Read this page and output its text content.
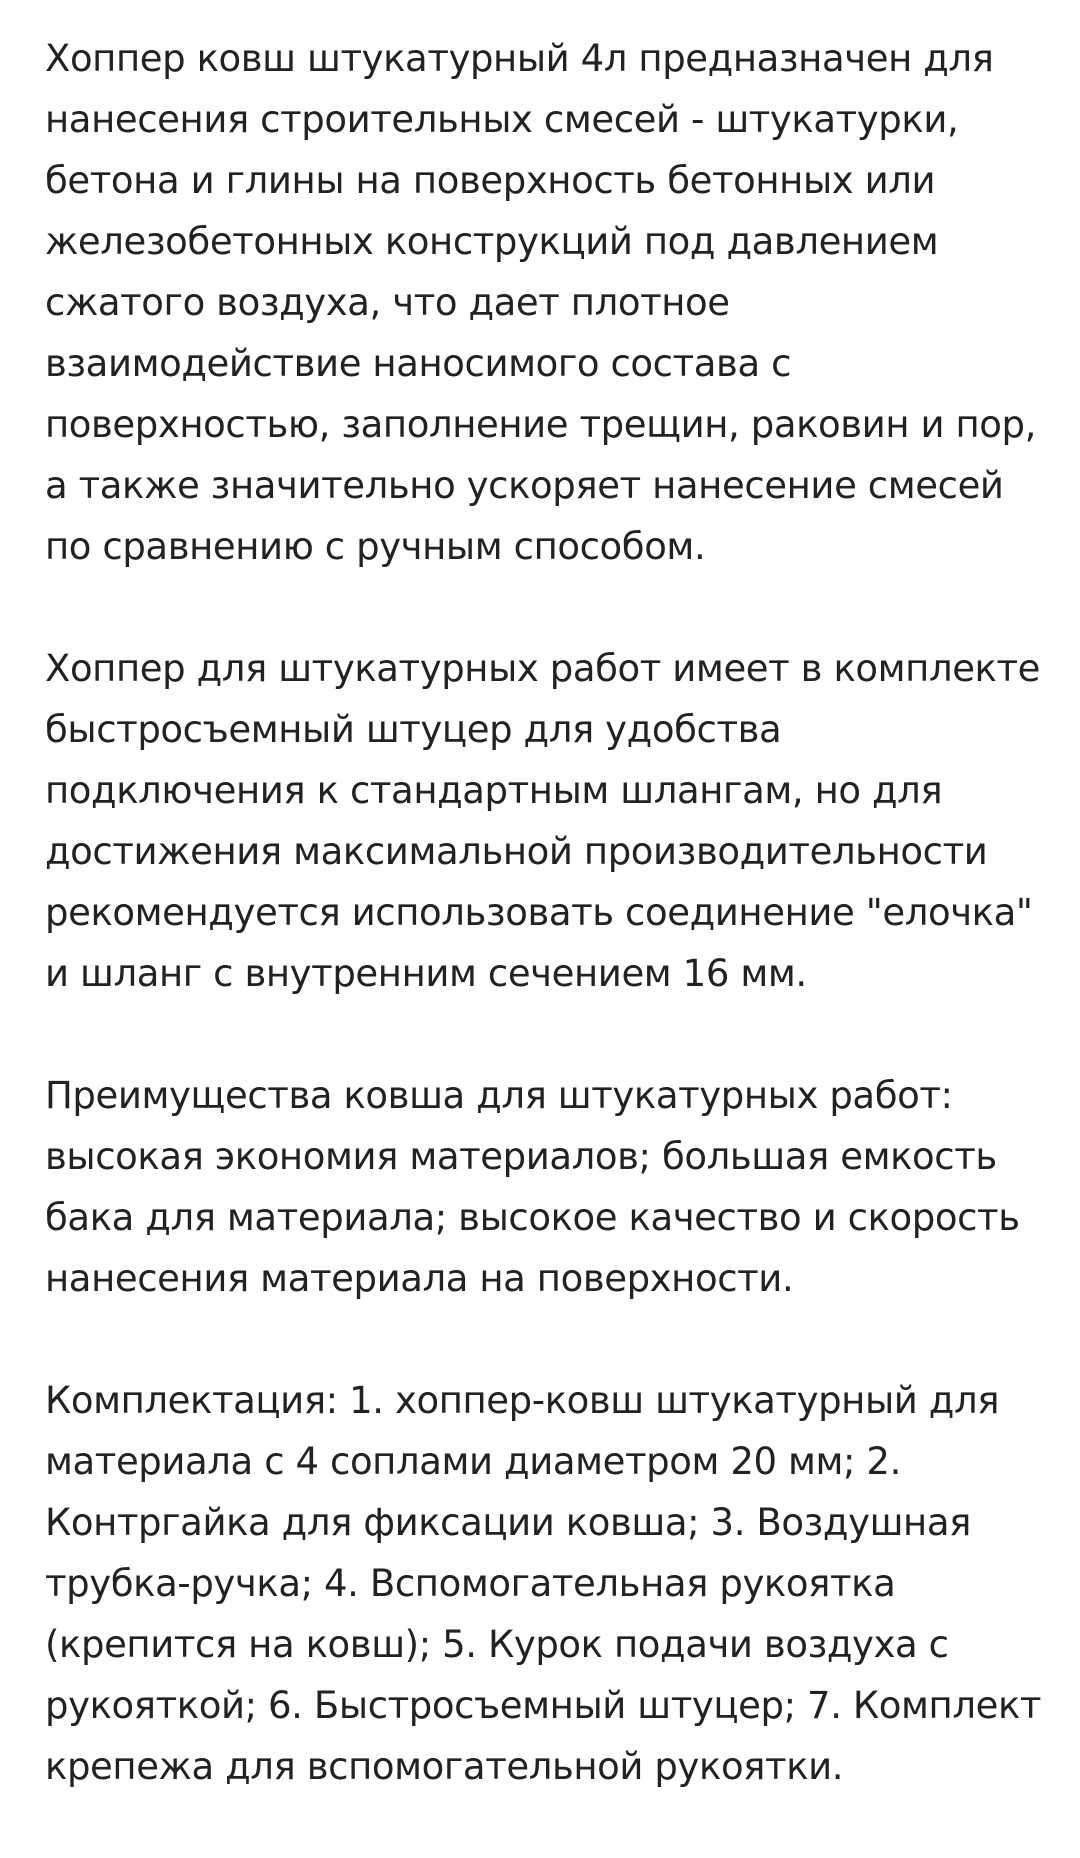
Хоппер ковш штукатурный 4л предназначен для
нанесения строительных смесей - штукатурки,
бетона и глины на поверхность бетонных или
железобетонных конструкций под давлением
сжатого воздуха, что дает плотное
взаимодействие наносимого состава с
поверхностью, заполнение трещин, раковин и пор,
а также значительно ускоряет нанесение смесей
по сравнению с ручным способом.

Хоппер для штукатурных работ имеет в комплекте
быстросъемный штуцер для удобства
подключения к стандартным шлангам, но для
достижения максимальной производительности
рекомендуется использовать соединение "елочка"
и шланг с внутренним сечением 16 мм.

Преимущества ковша для штукатурных работ:
высокая экономия материалов; большая емкость
бака для материала; высокое качество и скорость
нанесения материала на поверхности.

Комплектация: 1. хоппер-ковш штукатурный для
материала с 4 соплами диаметром 20 мм; 2.
Контргайка для фиксации ковша; 3. Воздушная
трубка-ручка; 4. Вспомогательная рукоятка
(крепится на ковш); 5. Курок подачи воздуха с
рукояткой; 6. Быстросъемный штуцер; 7. Комплект
крепежа для вспомогательной рукоятки.
